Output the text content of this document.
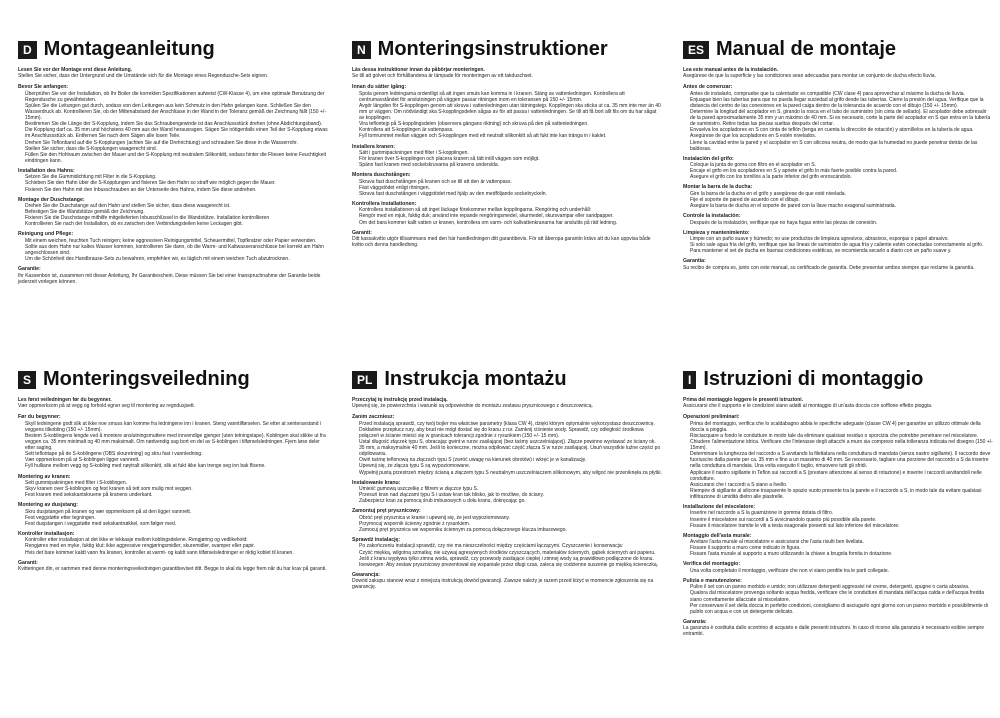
D Montageanleitung
Lesen Sie vor der Montage erst diese Anleitung.
Stellen Sie sicher, dass der Untergrund und die Umstände sich für die Montage eines Regendusche-Sets eignen.
Bevor Sie anfangen:
• Überprüfen Sie vor der Installation, ob Ihr Boiler die korrekten Spezifikationen aufweist (CW-Klasse 4), um eine optimale Benutzung der Regendusche zu gewährleisten.
• Spülen Sie die Leitungen gut durch, sodass von den Leitungen aus kein Schmutz in den Hahn gelangen kann. Schließen Sie den Wasserdruck ab. Kontrollieren Sie, ob der Mittenabstand der Anschlüsse in der Wand in der Toleranz gemäß der Zeichnung fällt (150 +/- 15mm).
• Bestimmen Sie die Länge der S-Kopplung, indem Sie das Schraubengewinde ist das Anschlussstück drehen (ohne Abdichtungsband). Die Kopplung darf ca. 35 mm und höchstens 40 mm aus der Wand herausragen. Sägen Sie nötigenfalls einen Teil der S-Kopplung etwas im Anschlussstück ab. Entfernen Sie nach dem Sägen alle losen Teile.
• Drehen Sie Teflonband auf die S-Kopplungen (achten Sie auf die Drehrichtung) und schrauben Sie diese in die Wasserrohr.
• Stellen Sie sicher, dass die S-Kopplungen waagerecht sind.
• Füllen Sie den Hohlraum zwischen der Mauer und der S-Kopplung mit neutralem Silikonkitt, sodass hinter die Fliesen keine Feuchtigkeit eindringen kann.
Installation des Hahns:
• Setzen Sie die Gummidichtung mit Filter in die S-Kopplung.
• Schieben Sie den Hahn über die S-Kopplungen und fixieren Sie den Hahn so straff wie möglich gegen die Mauer.
• Fixieren Sie den Hahn mit den Inbusschrauben an der Unterseite des Hahns, indem Sie diese andrehen.
Montage der Duschstange:
• Drehen Sie die Duschstange auf den Hahn und stellen Sie sicher, dass diese waagerecht ist.
• Befestigen Sie die Wandstütze gemäß der Zeichnung.
• Fixieren Sie die Duschstange mithilfe mitgelieferten Inbusschlüssel in die Wandstütze. Installation kontrollieren
• Kontrollieren Sie nach der Installation, ob es zwischen den Verbindungsteilen keine Leckagen gibt.
Reinigung und Pflege:
• Mit einem weichen, feuchten Tuch reinigen; keine aggressiven Reinigungsmittel, Scheuermittel, Topfkratzer oder Papier verwenden.
• Sollte aus dem Hahn nur kaltes Wasser kommen, kontrollieren Sie dann, ob die Warm- und Kaltwasseranschlüsse bei korrekt am Hahn angeschlossen sind.
• Um die Schönheit des Handbrause-Sets zu bewahren, empfehlen wir, es täglich mit einem weichen Tuch abzutrocknen.
Garantie:
Ihr Kassenbon ist, zusammen mit dieser Anleitung, Ihr Garantieschein. Diese müssen Sie bei einer Inanspruchnahme der Garantie beide jederzeit vorlegen können.
N Monteringsinstruktioner
Läs dessa instruktioner innan du påbörjar monteringen.
Se till att golvet och förhållandena är lämpade för monteringen av ett takduschset.
Innan du sätter igång:
• Spola genom ledningarna ordentligt så att ingen smuts kan komma in i kranen. Stäng av vattenledningen. Kontrollera att centrumavståndet för anslutningen på väggen passar ritningen inom en toleransen på 150 +/- 15mm.
• Avgör längden för S-kopplingen genom att skruva i vattenledningen utan tätningstejp. Kopplingen ska sticka ut ca. 35 mm inte mer än 40 mm ur väggen. Om nödvändigt ska S-kopplingsdelen sågas av för att passa i vattenledningen. Se till att få bort allt fils om du har sågat av kopplingen.
• Vira teflontejp på S-kopplingsdelen (observera gängans riktning) och skruva på den på vattenledningen.
• Kontrollera att S-kopplingen är vattenpass.
• Fyll tomrummet mellan väggen och S-kopplingen med ett neutralt silikonkitt så att fukt inte kan tränga in i kaklet.
Installera kranen:
• Sätt i gummipackningen med filter i S-kopplingen.
• För kranen över S-kopplingen och placera kranen så tätt intill väggen som möjligt.
• Spänn fast kranen med sockelskruvarna på kranens undersida.
Montera duschstången:
• Skruva fast duschstången på kranen och se till att den är vattenpass.
• Fäst väggstödet enligt ritningen.
• Skruva fast duschstången i väggstödet med hjälp av den medföljande sockelnyckeln.
Kontrollera installationen:
• Kontrollera installationen så att inget läckage förekommer mellan kopplingarna. Rengöring och underhåll:
• Rengör med en mjuk, fuktig duk; använd inte repande rengöringsmedel, skurmedel, skursvampar eller sandpapper.
• Om det bara kommer kallt vatten ur kranen, kontrollera om varm- och kallvattenkranarna har anslutits på rätt ledning.
Garanti:
Ditt kassakvitto utgör tillsammans med den här handledningen ditt garantibevis. För att åberopa garantin krävs att du kan uppvisa både kvitto och denna handledning.
ES Manual de montaje
Lea este manual antes de la instalación.
Asegúrese de que la superficie y las condiciones sean adecuadas para montar un conjunto de ducha efecto lluvia.
Antes de comenzar:
• Antes de instalarlo, compruebe que tu calentador es compatible (CW clase 4) para aprovechar al máximo la ducha de lluvia.
• Enjuague bien las tuberías para que no pueda llegar suciedad al grifo desde las tuberías. Cierre la presión del agua. Verifique que la distancia del centro de las conexiones en la pared caiga dentro de la tolerancia de acuerdo con el dibujo (150 +/- 15mm).
• Determine la longitud del acoplador en S, girando la rosca en el tubo de suministro (sin cinta de sellado). El acoplador debe sobresalir de la pared aproximadamente 35 mm y un máximo de 40 mm. Si es necesario, corte la parte del acoplador en S que entra en la tubería de suministro. Retire todas las piezas sueltas después del cortar.
• Envuelva los acopladores en S con cinta de teflón (tenga en cuenta la dirección de rotación) y atorníllelos en la tubería de agua.
• Asegúrese de que los acopladores en S estén nivelados.
• Llene la cavidad entre la pared y el acoplador en S con silicona neutra, de modo que la humedad no puede penetrar detrás de las baldosas.
Instalación del grifo:
• Coloque la junta de goma con filtro en el acoplador en S.
• Encaje el grifo en los acopladores en S y apriete el grifo lo más fuerte posible contra la pared.
• Asegure el grifo con los tornillos a la parte inferior del grifo enroscándolo.
Montar la barra de la ducha:
• Gire la barra de la ducha en el grifo y asegúrese de que esté nivelada.
• Fije el soporte de pared de acuerdo con el dibujo.
• Asegure la barra de ducha en el soporte de pared con la llave macho exagonal suministrada.
Controle la instalación:
• Después de la instalación, verifique que no haya fugas entre las piezas de conexión.
Limpieza y mantenimiento:
• Limpie con un paño suave y húmedo; no use productos de limpieza agresivos, abrasivos, esponjas o papel abrasivo.
• Si solo sale agua fría del grifo, verifique que las líneas de suministro de agua fría y caliente estén conectadas correctamente al grifo.
• Para mantener el set de ducha en buenas condiciones estéticas, se recomienda secarlo a diario con un paño suave y.
Garantía:
Su recibo de compra es, junto con este manual, su certificado de garantía. Debe presentar ambos siempre que reclame la garantía.
S Monteringsveiledning
Les først veiledningen før du begynner.
Vær oppmerksom på at vegg og forhold egner seg til montering av regndusjsett.
Før du begynner:
• Skyll ledningene godt slik at ikke noe smuss kan komme fra ledningene inn i kranen. Steng vanntilførselen. Se etter at senteravstand i veggens tilkobling (150 +/- 15mm).
• Bestem S-koblingens lengde ved å montere anslutningsmuttere med innvendige gjenger (uten tetningstape). Koblingen skal stikke ut fra veggen ca. 35 mm minimalt og 40 mm maksimalt. Om nødvendig sag bort en del av S-koblingen i tilførselsledningen. Fjern løse deler etter saging.
• Sett teflontape på de S-koblingene (OBS skruretning) og skru fast i vannledning.
• Vær oppmerksom på at S-koblingen ligger vannrett.
• Fyll hulliane mellom vegg og S-kobling med nøytralt silikonkitt, slik at fukt ikke kan trenge seg inn bak flisene.
Montering av kranen:
• Sett gummipakningen med filter i S-koblingen.
• Skyv kranen over S-koblingen og fest kranen så tett som mulig mot veggen.
• Fest kranen med sekskantskruene på kranens underkant.
Montering av dusjstang:
• Skru dusjstangen på kranen og vær oppmerksom på at den ligger vannrett.
• Fest veggstøtte etter tegningen.
• Fest dusjstangen i veggstøtte med sekskantnøkkel, som følger med.
Kontroller installasjon:
• Kontroller etter installasjon at det ikke er lekkasje mellom koblingsdelene. Rengjøring og vedlikehold:
• Rengjøres med en myke, fuktig klut; ikke aggressive rengjøringsmidler, skuremidler, svamper eller papir.
• Hvis det bare kommer kaldt vann fra kranen, kontroller at varmt- og kaldt vann tilførselsledninger er riktig koblet til kranen.
Garanti:
Kvitteringen din, er sammen med denne monteringsveiledningen garantibeviset ditt. Begge to skal du legge frem når du har krav på garanti.
PL Instrukcja montażu
Przeczytaj tę instrukcję przed instalacją.
Upewnij się, że powierzchnia i warunki są odpowiednie do montażu zestawu prysznicowego z deszczownicą.
Zanim zaczniesz:
• Przed instalacją sprawdź, czy twój bojler ma właściwe parametry (klasa CW 4), dzięki którym optymalnie wykorzystasz deszczownicę.
• Dokładnie przepłucz rury, aby brud nie mógł dostać się do kranu z rur. Zamknij ciśnienie wody. Sprawdź, czy odległość środkowa połączeń w ścianie mieści się w granicach tolerancji zgodnie z rysunkiem (150 +/- 15 mm).
• Ustal długość złączek typu S, obracając gwint w rurze zasilającej (bez taśmy uszczelniającej). Złącze powinno wystawać ze ściany ok. 35 mm, a maksymalnie 40 mm. Jeśli to konieczne, można odpiłować część złącza S w rurze zasilającej. Usuń wszystkie luźne części po odpiłowaniu.
• Owiń taśmę teflonową na złączach typu S (zwróć uwagę na kierunek obrotów) i wkręć je w kanalizację.
• Upewnij się, że złącza typu S są wypoziomowane.
• Wypełnij pustą przestrzeń między ścianą a złączem typu S neutralnym uszczelniaczem silikonowym, aby wilgoć nie przeniknęła za płytki.
Instalowanie kranu:
• Umieść gumową uszczelkę z filtrem w złączce typu S.
• Przesuń kran nad złączami typu S i ustaw kran tak blisko, jak to możliwe, do ściany.
• Zabezpiecz kran za pomocą śrub imbusowych u dołu kranu, dokręcając go.
Zamontuj pręt prysznicowy:
• Obróć pręt prysznica w kranie i upewnij się, że jest wypoziomowany.
• Przymocuj wspornik ścienny zgodnie z rysunkiem.
• Zamocuj pręt prysznica we wsporniku ściennym za pomocą dołączonego klucza imbusowego.
Sprawdź instalację:
• Po zakończeniu instalacji sprawdź, czy nie ma nieszczelności między częściami łączącymi. Czyszczenie i konserwacja:
• Czyść miękką, wilgotną szmatką; nie używaj agresywnych środków czyszczących, materiałów ściernych, gąbek ściernych ani papieru.
• Jeśli z kranu wypływa tylko zimna woda, sprawdź, czy przewody zasilające ciepłej i zimnej wody są prawidłowo podłączone do kranu.
• Ioewoegen: Aby zestaw prysznicowy prezentował się wspaniale przez długi czas, zaleca się codzienne suszenie go miękką ściereczką.
Gwarancja:
Dowód zakupu stanowi wraz z niniejszą instrukcją dowód gwarancji. Zawsze należy je razem przed kiżyć w momencie zgłoszenia się na gwarancję.
I Istruzioni di montaggio
Prima del montaggio leggere le presenti istruzioni.
Assicurarsi che il supporto e le condizioni siano adatti al montaggio di un'asta doccia con soffione effetto pioggia.
Operazioni preliminari:
• Prima del montaggio, verifica che lo scaldabagno abbia le specifiche adeguate (classe CW 4) per garantire un utilizzo ottimale della doccia a pioggia.
• Risciacquare a fondo le condutture in modo tale da eliminare qualsiasi residuo o sporcizia che potrebbe penetrare nel miscelatore. Chiudere l'alimentazione idrica. Verificare che l'interasse degli attacchi a muro sia compreso nella tolleranza indicata nel disegno (150 +/- 15mm).
• Determinare la lunghezza del raccordo a S avvitando la filettatura nella conduttura di mandata (senza nastro sigillante). Il raccordo deve fuoriuscire dalla parete per ca. 35 mm e fino a un massimo di 40 mm. Se necessario, tagliare una porzione del raccordo a S da inserire nella conduttura di mandata. Una volta eseguito il taglio, rimuovere tutti gli sfridi.
• Applicare il nastro sigillante in Teflon sui raccordi a S (prestare attenzione al senso di rotazione) e inserire i raccordi avvitandoli nelle condutture.
• Assicurarsi che i raccordi a S siano a livello.
• Riempire di sigillante al silicone trasparente lo spazio vuoto presente tra la parete e il raccordo a S, in modo tale da evitare qualsiasi infiltrazione di umidità dietro alle piastrelle.
Installazione del miscelatore:
• Inserire nel raccordo a S la guarnizione in gomma dotata di filtro.
• Inserire il miscelatore sui raccordi a S avvicinandolo quanto più possibile alla parete.
• Fissare il miscelatore tramite le viti a testa esagonale presenti sul lato inferiore del miscelatore.
Montaggio dell'asta murale:
• Avvitare l'asta murale al miscelatore e assicurarsi che l'asta risulti ben livellata.
• Fissare il supporto a muro come indicato in figura.
• Fissare l'asta murale al supporto a muro utilizzando la chiave a brugola fornita in dotazione.
Verifica del montaggio:
• Una volta completato il montaggio, verificare che non vi siano perdite tra le parti collegate.
Pulizia e manutenzione:
• Pulire il set con un panno morbido e umido; non utilizzare detergenti aggressivi né creme, detergenti, spugne o carta abrasiva.
• Qualora dal miscelatore provenga soltanto acqua fredda, verificare che le condutture di mandata dell'acqua calda e dell'acqua fredda siano correttamente allacciate al miscelatore.
• Per conservare il set della doccia in perfette condizioni, consigliamo di asciugarlo ogni giorno con un panno morbido e possibilmente di pulirlo con acqua e con un detergente delicato.
Garanzia:
La garanzia è costituita dallo scontrino di acquisto e dalle presenti istruzioni. In caso di ricorso alla garanzia è necessario esibire sempre entrambi.
